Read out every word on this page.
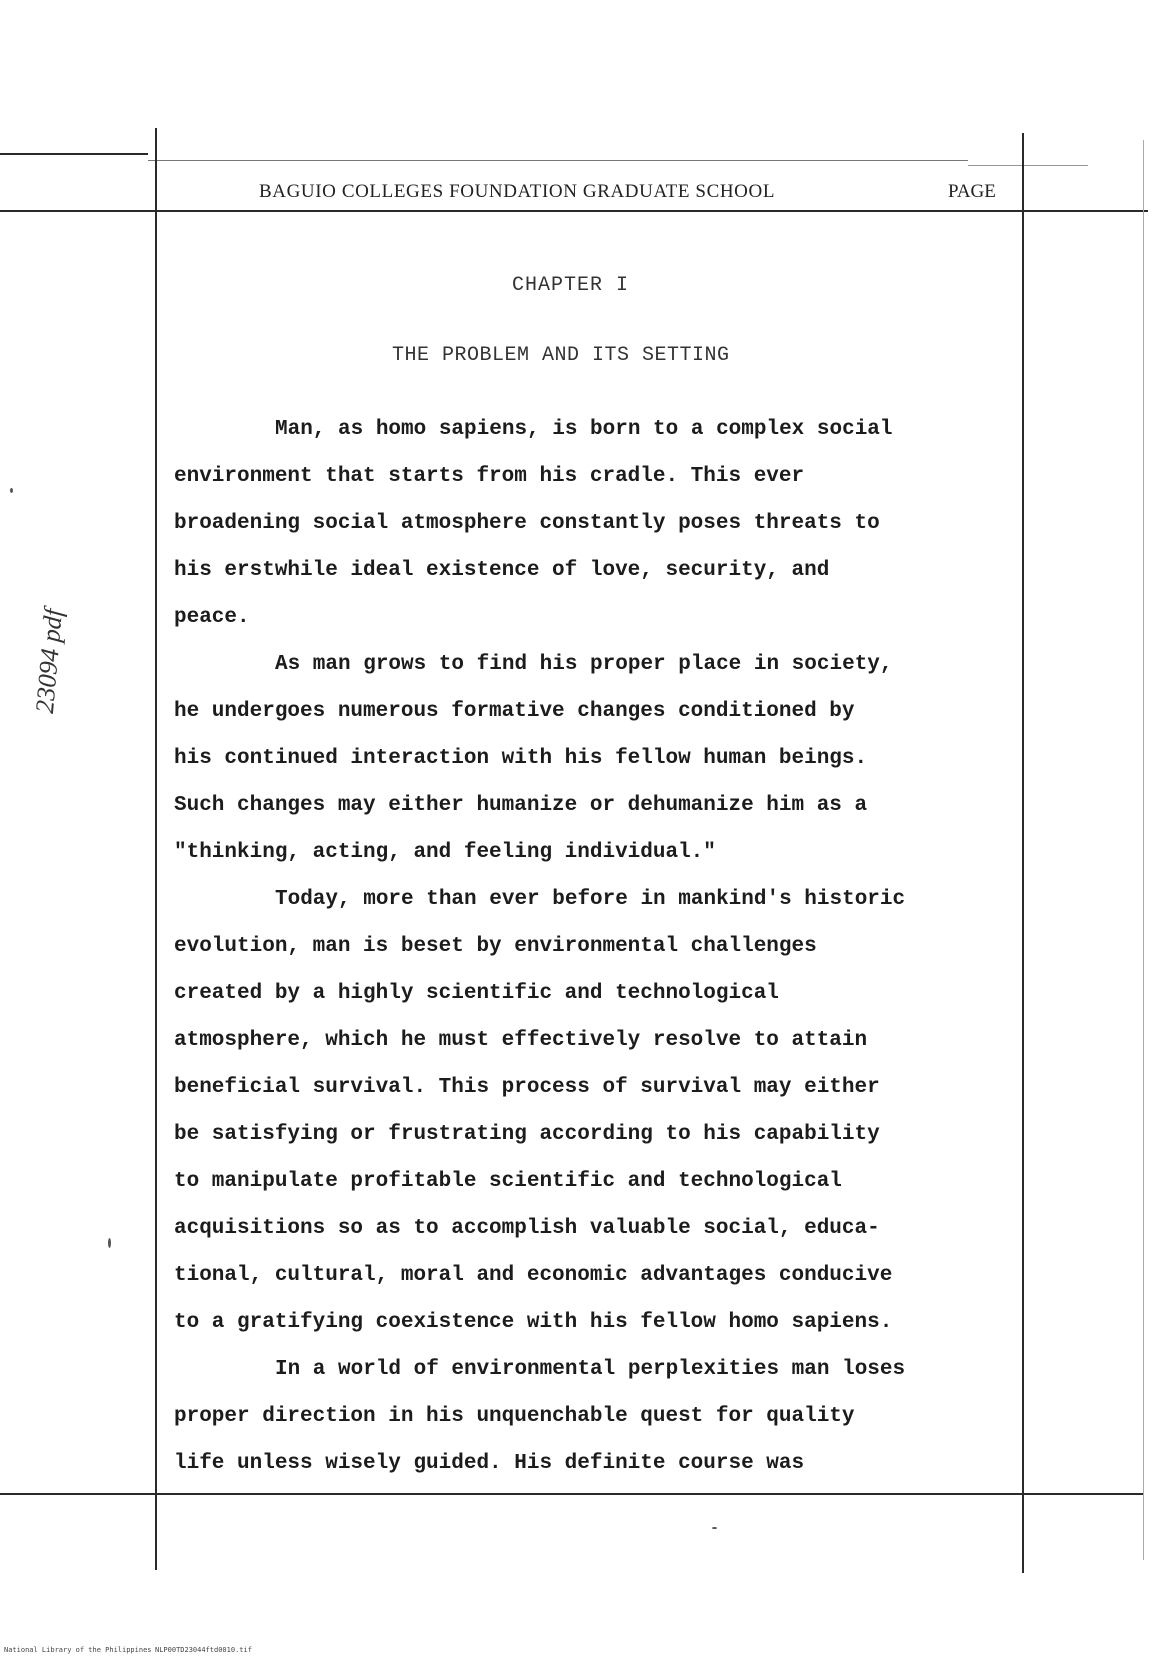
BAGUIO COLLEGES FOUNDATION GRADUATE SCHOOL	PAGE
CHAPTER I
THE PROBLEM AND ITS SETTING
Man, as homo sapiens, is born to a complex social
environment that starts from his cradle. This ever
broadening social atmosphere constantly poses threats to
his erstwhile ideal existence of love, security, and
peace.
As man grows to find his proper place in society,
he undergoes numerous formative changes conditioned by
his continued interaction with his fellow human beings.
Such changes may either humanize or dehumanize him as a
"thinking, acting, and feeling individual."
Today, more than ever before in mankind's historic
evolution, man is beset by environmental challenges
created by a highly scientific and technological
atmosphere, which he must effectively resolve to attain
beneficial survival. This process of survival may either
be satisfying or frustrating according to his capability
to manipulate profitable scientific and technological
acquisitions so as to accomplish valuable social, educa-
tional, cultural, moral and economic advantages conducive
to a gratifying coexistence with his fellow homo sapiens.
In a world of environmental perplexities man loses
proper direction in his unquenchable quest for quality
life unless wisely guided. His definite course was
23094 pdf
National Library of the Philippines NLP00TD23044ftd0010.tif
